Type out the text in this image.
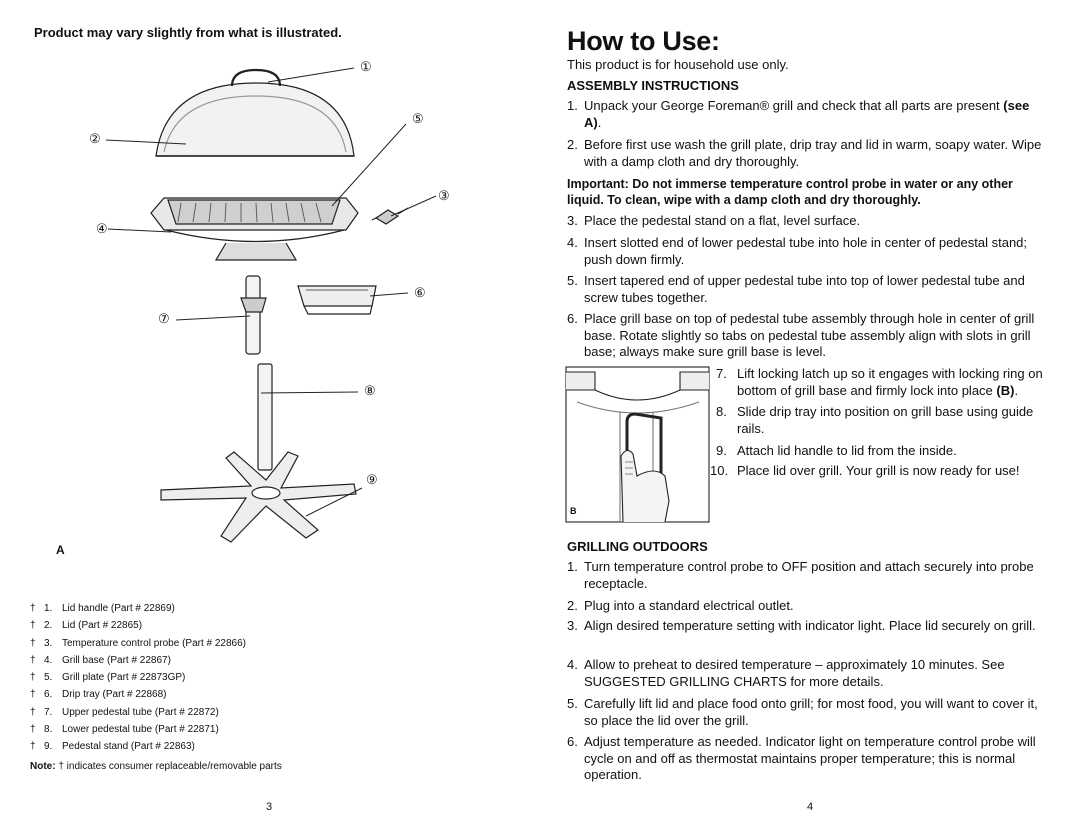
Product may vary slightly from what is illustrated.
①
②
③
④
⑤
⑥
⑦
⑧
⑨
A
† 1. Lid handle (Part # 22869)
† 2. Lid (Part # 22865)
† 3. Temperature control probe (Part # 22866)
† 4. Grill base (Part # 22867)
† 5. Grill plate (Part # 22873GP)
† 6. Drip tray (Part # 22868)
† 7. Upper pedestal tube (Part # 22872)
† 8. Lower pedestal tube (Part # 22871)
† 9. Pedestal stand (Part # 22863)
Note: † indicates consumer replaceable/removable parts
3
How to Use:
This product is for household use only.
ASSEMBLY INSTRUCTIONS
1. Unpack your George Foreman® grill and check that all parts are present (see A).
2. Before first use wash the grill plate, drip tray and lid in warm, soapy water. Wipe with a damp cloth and dry thoroughly.
Important: Do not immerse temperature control probe in water or any other liquid. To clean, wipe with a damp cloth and dry thoroughly.
3. Place the pedestal stand on a flat, level surface.
4. Insert slotted end of lower pedestal tube into hole in center of pedestal stand; push down firmly.
5. Insert tapered end of upper pedestal tube into top of lower pedestal tube and screw tubes together.
6. Place grill base on top of pedestal tube assembly through hole in center of grill base. Rotate slightly so tabs on pedestal tube assembly align with slots in grill base; always make sure grill base is level.
B
7. Lift locking latch up so it engages with locking ring on bottom of grill base and firmly lock into place (B).
8. Slide drip tray into position on grill base using guide rails.
9. Attach lid handle to lid from the inside.
10. Place lid over grill. Your grill is now ready for use!
GRILLING OUTDOORS
1. Turn temperature control probe to OFF position and attach securely into probe receptacle.
2. Plug into a standard electrical outlet.
3. Align desired temperature setting with indicator light. Place lid securely on grill.
4. Allow to preheat to desired temperature – approximately 10 minutes. See SUGGESTED GRILLING CHARTS for more details.
5. Carefully lift lid and place food onto grill; for most food, you will want to cover it, so place the lid over the grill.
6. Adjust temperature as needed. Indicator light on temperature control probe will cycle on and off as thermostat maintains proper temperature; this is normal operation.
4
